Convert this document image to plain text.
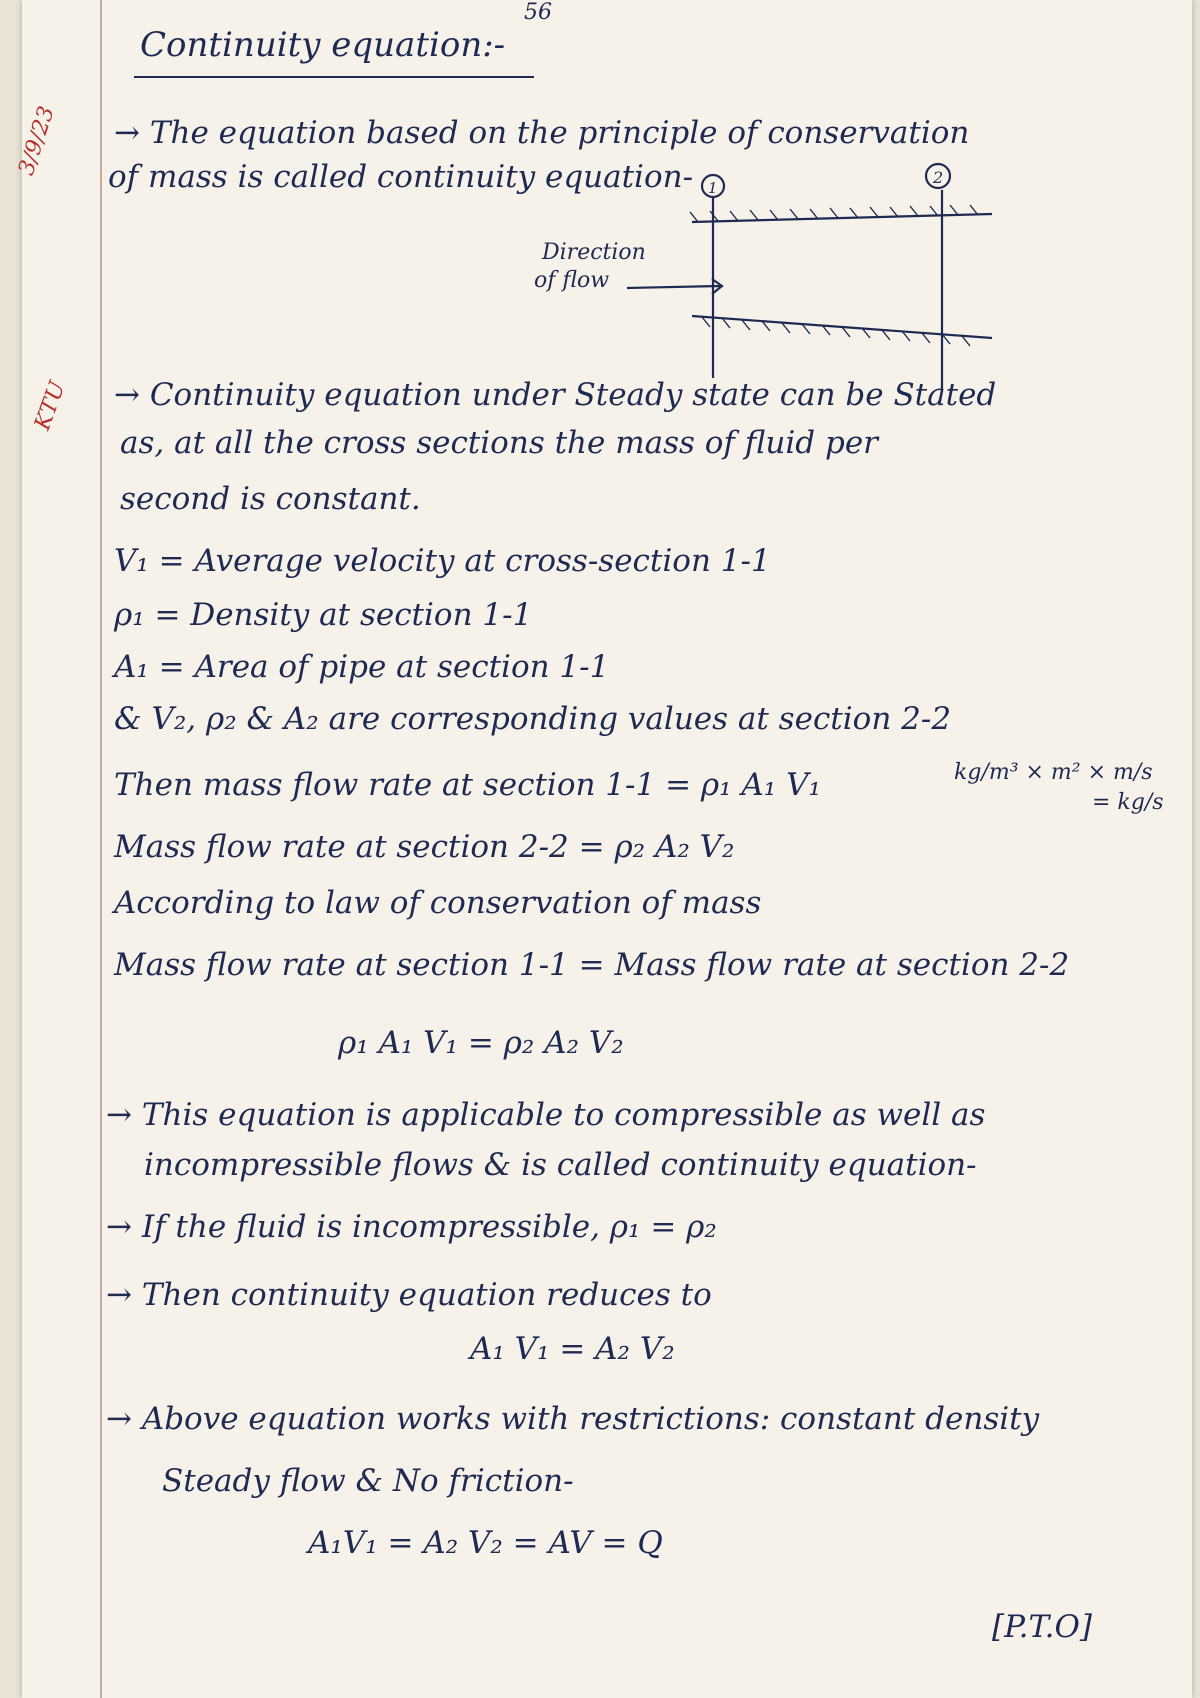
56
Continuity equation:-
3/9/23
KTU
→ The equation based on the principle of conservation
of mass is called continuity equation- 1
2
Direction
of flow
→ Continuity equation under Steady state can be Stated
as, at all the cross sections the mass of fluid per
second is constant.
V₁ = Average velocity at cross-section 1-1
ρ₁ = Density at section 1-1
A₁ = Area of pipe at section 1-1
& V₂, ρ₂ & A₂ are corresponding values at section 2-2
Then mass flow rate at section 1-1 = ρ₁ A₁ V₁	kg/m³ × m² × m/s
= kg/s
Mass flow rate at section 2-2 = ρ₂ A₂ V₂
According to law of conservation of mass
Mass flow rate at section 1-1 = Mass flow rate at section 2-2
ρ₁ A₁ V₁ = ρ₂ A₂ V₂
→ This equation is applicable to compressible as well as
incompressible flows & is called continuity equation-
→ If the fluid is incompressible, ρ₁ = ρ₂
→ Then continuity equation reduces to
A₁ V₁ = A₂ V₂
→ Above equation works with restrictions: constant density
Steady flow & No friction-
A₁V₁ = A₂ V₂ = AV = Q
[P.T.O]
